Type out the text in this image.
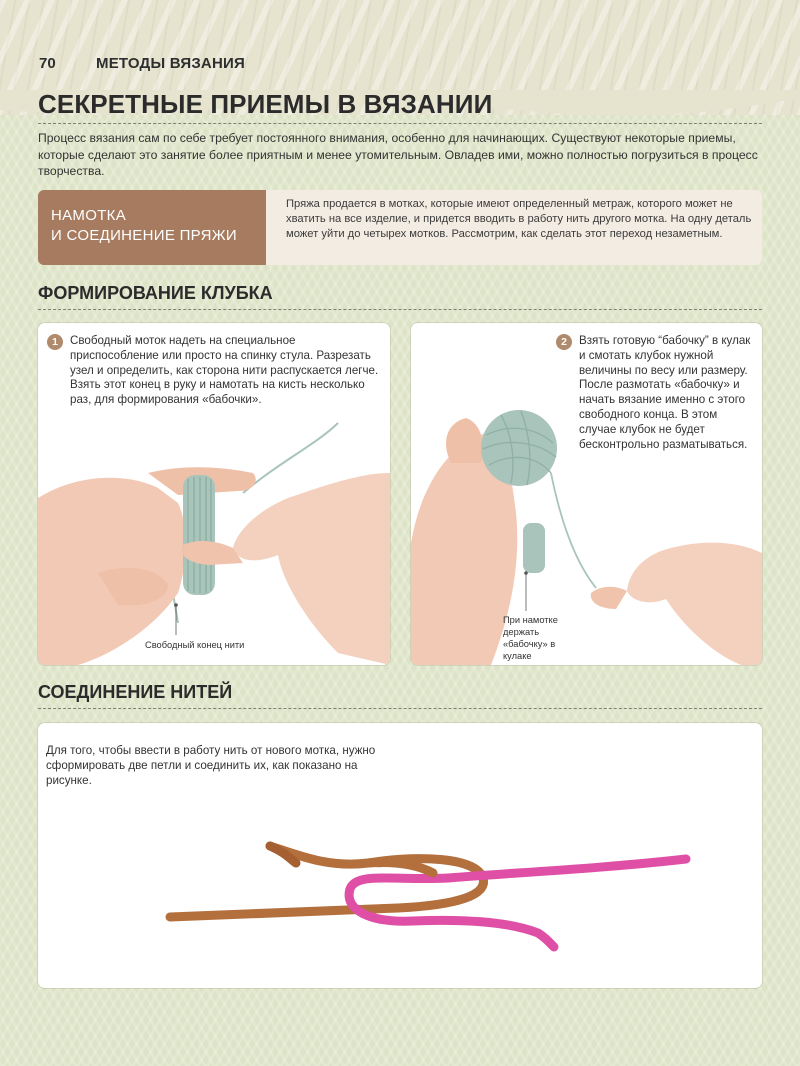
70	МЕТОДЫ ВЯЗАНИЯ
СЕКРЕТНЫЕ ПРИЕМЫ В ВЯЗАНИИ

Процесс вязания сам по себе требует постоянного внимания, особенно для начинающих. Существуют некоторые приемы, которые сделают это занятие более приятным и менее утомительным. Овладев ими, можно полностью погрузиться в процесс творчества.

НАМОТКА
И СОЕДИНЕНИЕ ПРЯЖИ

Пряжа продается в мотках, которые имеют определенный метраж, которого может не хватить на все изделие, и придется вводить в работу нить другого мотка. На одну деталь может уйти до четырех мотков. Рассмотрим, как сделать этот переход незаметным.

ФОРМИРОВАНИЕ КЛУБКА
1	Свободный моток надеть на специальное приспособление или просто на спинку стула. Разрезать узел и определить, как сторона нити распускается легче. Взять этот конец в руку и намотать на кисть несколько раз, для формирования «бабочки».

Свободный конец нити

2	Взять готовую “бабочку” в кулак и смотать клубок нужной величины по весу или размеру. После размотать «бабочку» и начать вязание именно с этого свободного конца. В этом случае клубок не будет бесконтрольно разматываться.

При намотке держать «бабочку» в кулаке

СОЕДИНЕНИЕ НИТЕЙ

Для того, чтобы ввести в работу нить от нового мотка, нужно сформировать две петли и соединить их, как показано на рисунке.
